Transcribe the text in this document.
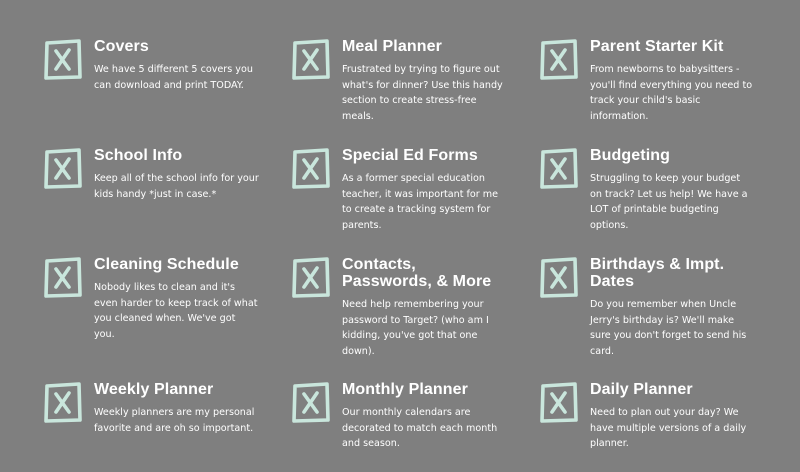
Covers

We have 5 different 5 covers you can download and print TODAY.

Meal Planner

Frustrated by trying to figure out what's for dinner? Use this handy section to create stress-free meals.

Parent Starter Kit

From newborns to babysitters - you'll find everything you need to track your child's basic information.

School Info

Keep all of the school info for your kids handy *just in case.*

Special Ed Forms

As a former special education teacher, it was important for me to create a tracking system for parents.

Budgeting

Struggling to keep your budget on track? Let us help! We have a LOT of printable budgeting options.

Cleaning Schedule

Nobody likes to clean and it's even harder to keep track of what you cleaned when. We've got you.

Contacts, Passwords, & More

Need help remembering your password to Target? (who am I kidding, you've got that one down).

Birthdays & Impt. Dates

Do you remember when Uncle Jerry's birthday is? We'll make sure you don't forget to send his card.

Weekly Planner

Weekly planners are my personal favorite and are oh so important.

Monthly Planner

Our monthly calendars are decorated to match each month and season.

Daily Planner

Need to plan out your day? We have multiple versions of a daily planner.
